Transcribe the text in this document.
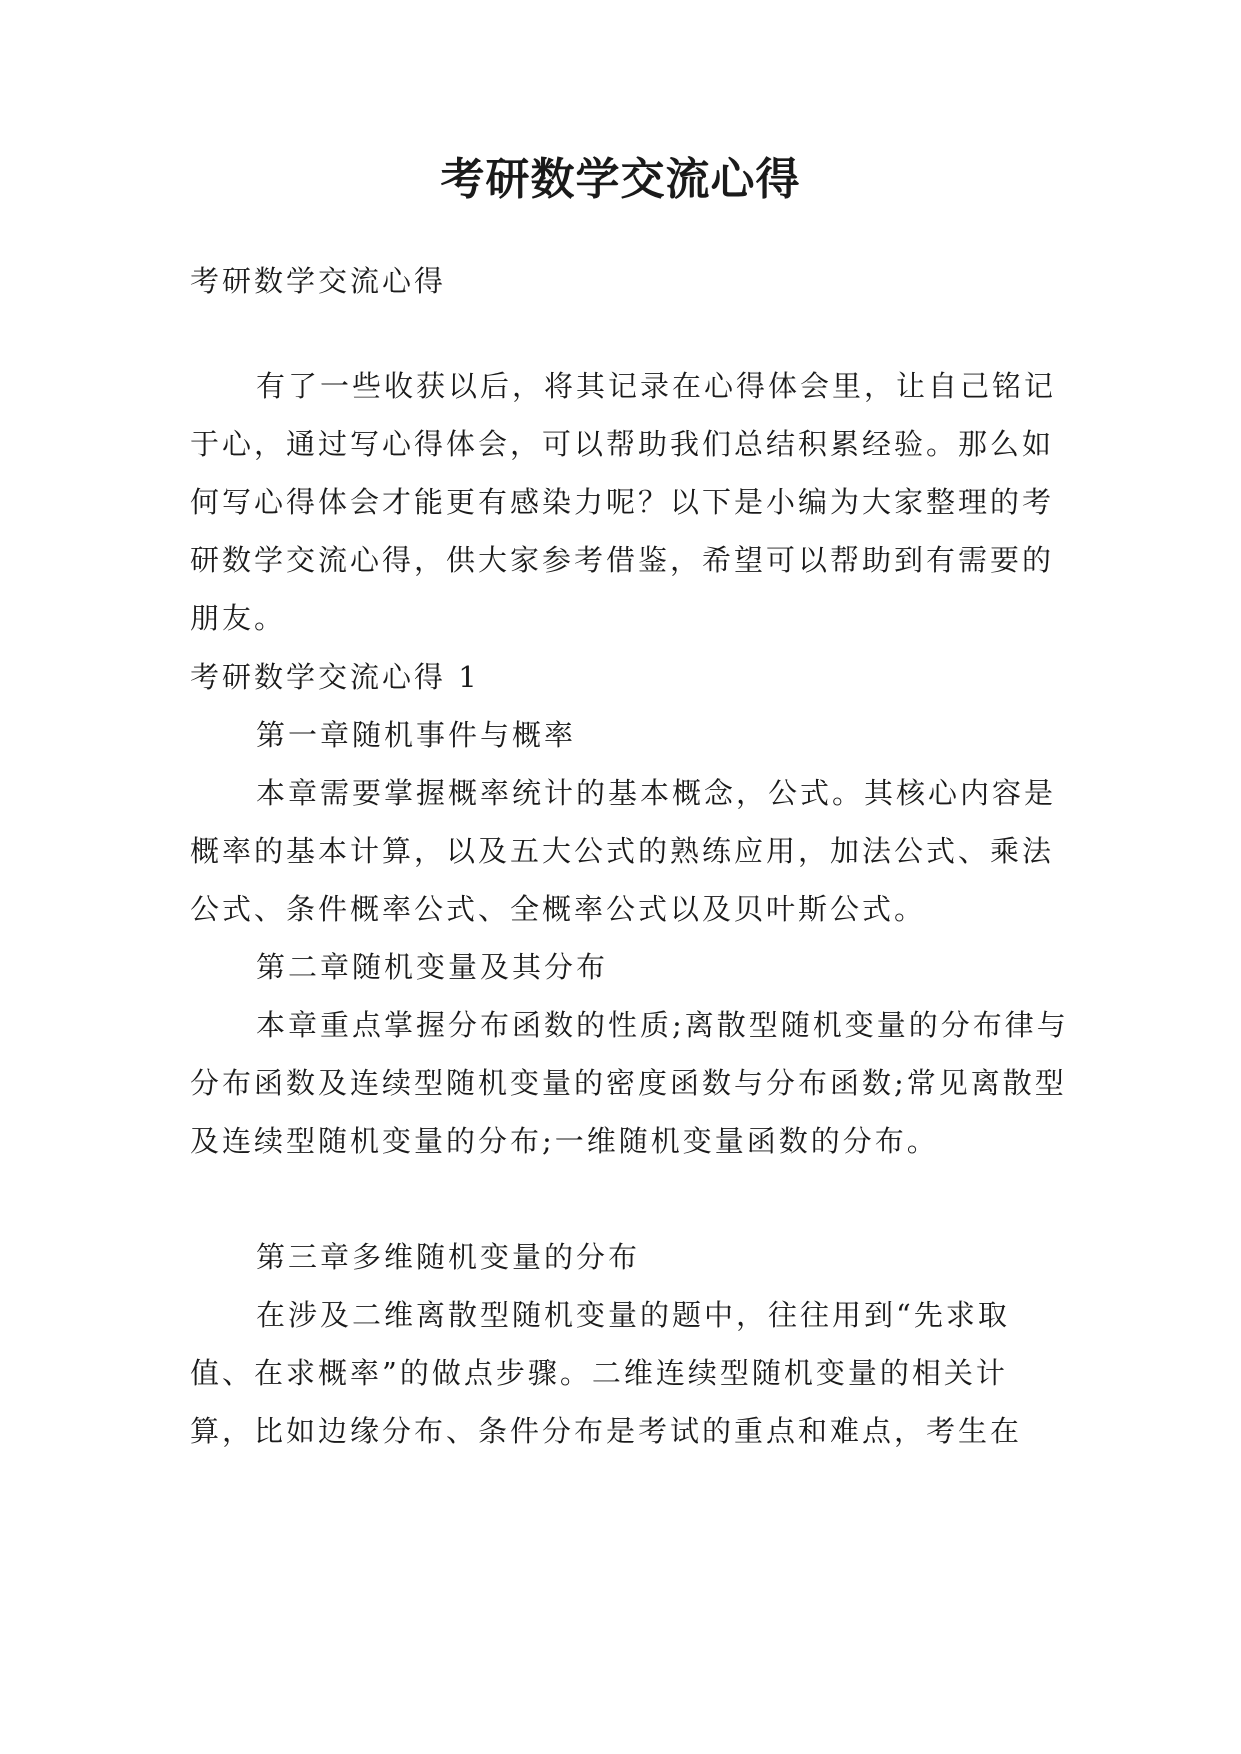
考研数学交流心得

考研数学交流心得

有了一些收获以后，将其记录在心得体会里，让自己铭记于心，通过写心得体会，可以帮助我们总结积累经验。那么如何写心得体会才能更有感染力呢？以下是小编为大家整理的考研数学交流心得，供大家参考借鉴，希望可以帮助到有需要的朋友。

考研数学交流心得 1

第一章随机事件与概率

本章需要掌握概率统计的基本概念，公式。其核心内容是概率的基本计算，以及五大公式的熟练应用，加法公式、乘法公式、条件概率公式、全概率公式以及贝叶斯公式。

第二章随机变量及其分布

本章重点掌握分布函数的性质;离散型随机变量的分布律与分布函数及连续型随机变量的密度函数与分布函数;常见离散型及连续型随机变量的分布;一维随机变量函数的分布。

第三章多维随机变量的分布

在涉及二维离散型随机变量的题中，往往用到“先求取值、在求概率”的做点步骤。二维连续型随机变量的相关计算，比如边缘分布、条件分布是考试的重点和难点，考生在
